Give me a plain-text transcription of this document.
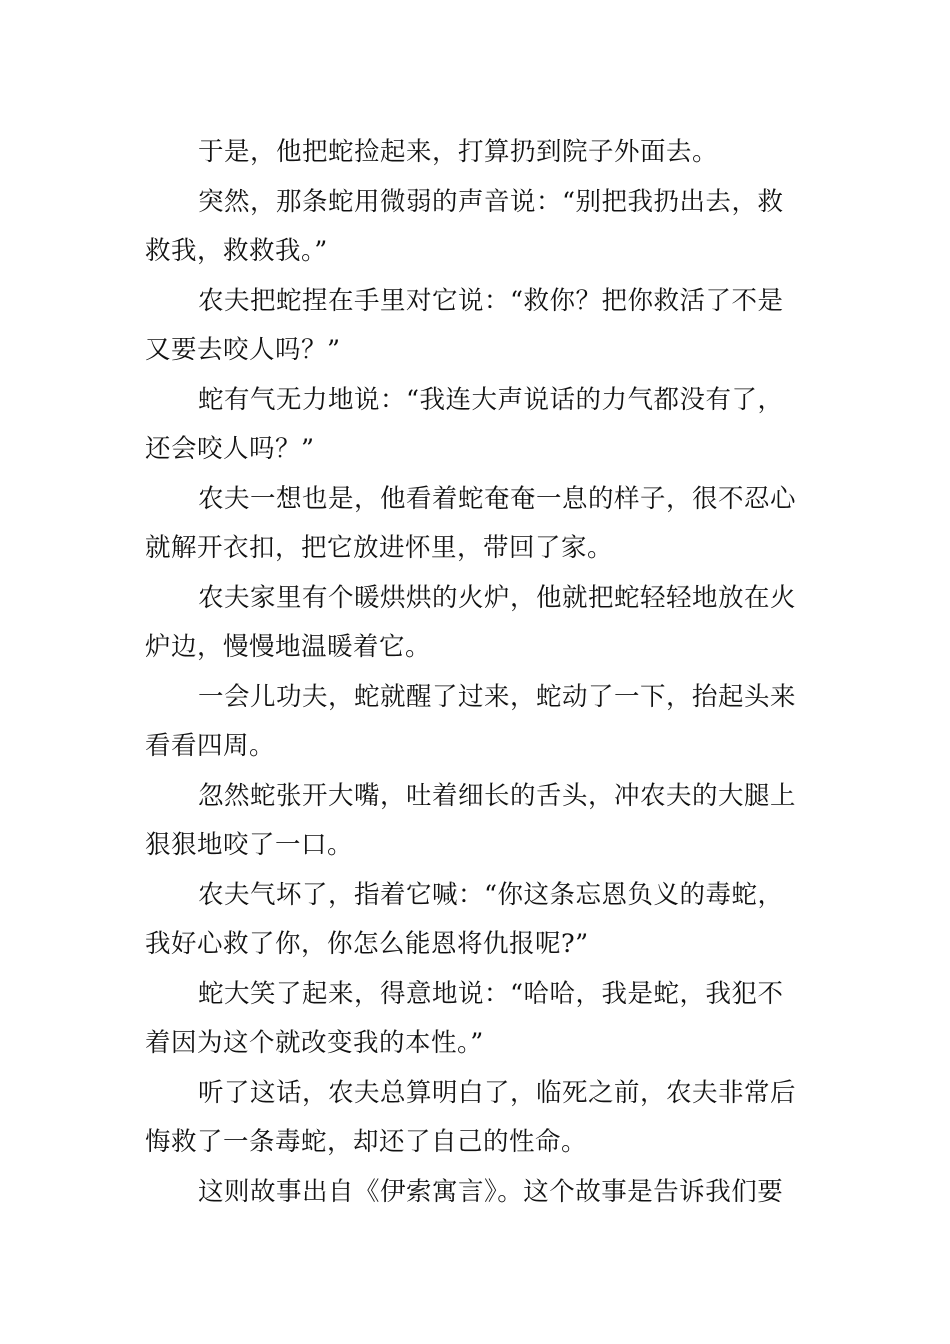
于是，他把蛇捡起来，打算扔到院子外面去。
突然，那条蛇用微弱的声音说：“别把我扔出去，救
救我，救救我。”
农夫把蛇捏在手里对它说：“救你？把你救活了不是
又要去咬人吗？”
蛇有气无力地说：“我连大声说话的力气都没有了，
还会咬人吗？”
农夫一想也是，他看着蛇奄奄一息的样子，很不忍心
就解开衣扣，把它放进怀里，带回了家。
农夫家里有个暖烘烘的火炉，他就把蛇轻轻地放在火
炉边，慢慢地温暖着它。
一会儿功夫，蛇就醒了过来，蛇动了一下，抬起头来
看看四周。
忽然蛇张开大嘴，吐着细长的舌头，冲农夫的大腿上
狠狠地咬了一口。
农夫气坏了，指着它喊：“你这条忘恩负义的毒蛇，
我好心救了你，你怎么能恩将仇报呢?”
蛇大笑了起来，得意地说：“哈哈，我是蛇，我犯不
着因为这个就改变我的本性。”
听了这话，农夫总算明白了，临死之前，农夫非常后
悔救了一条毒蛇，却还了自己的性命。
这则故事出自《伊索寓言》。这个故事是告诉我们要
